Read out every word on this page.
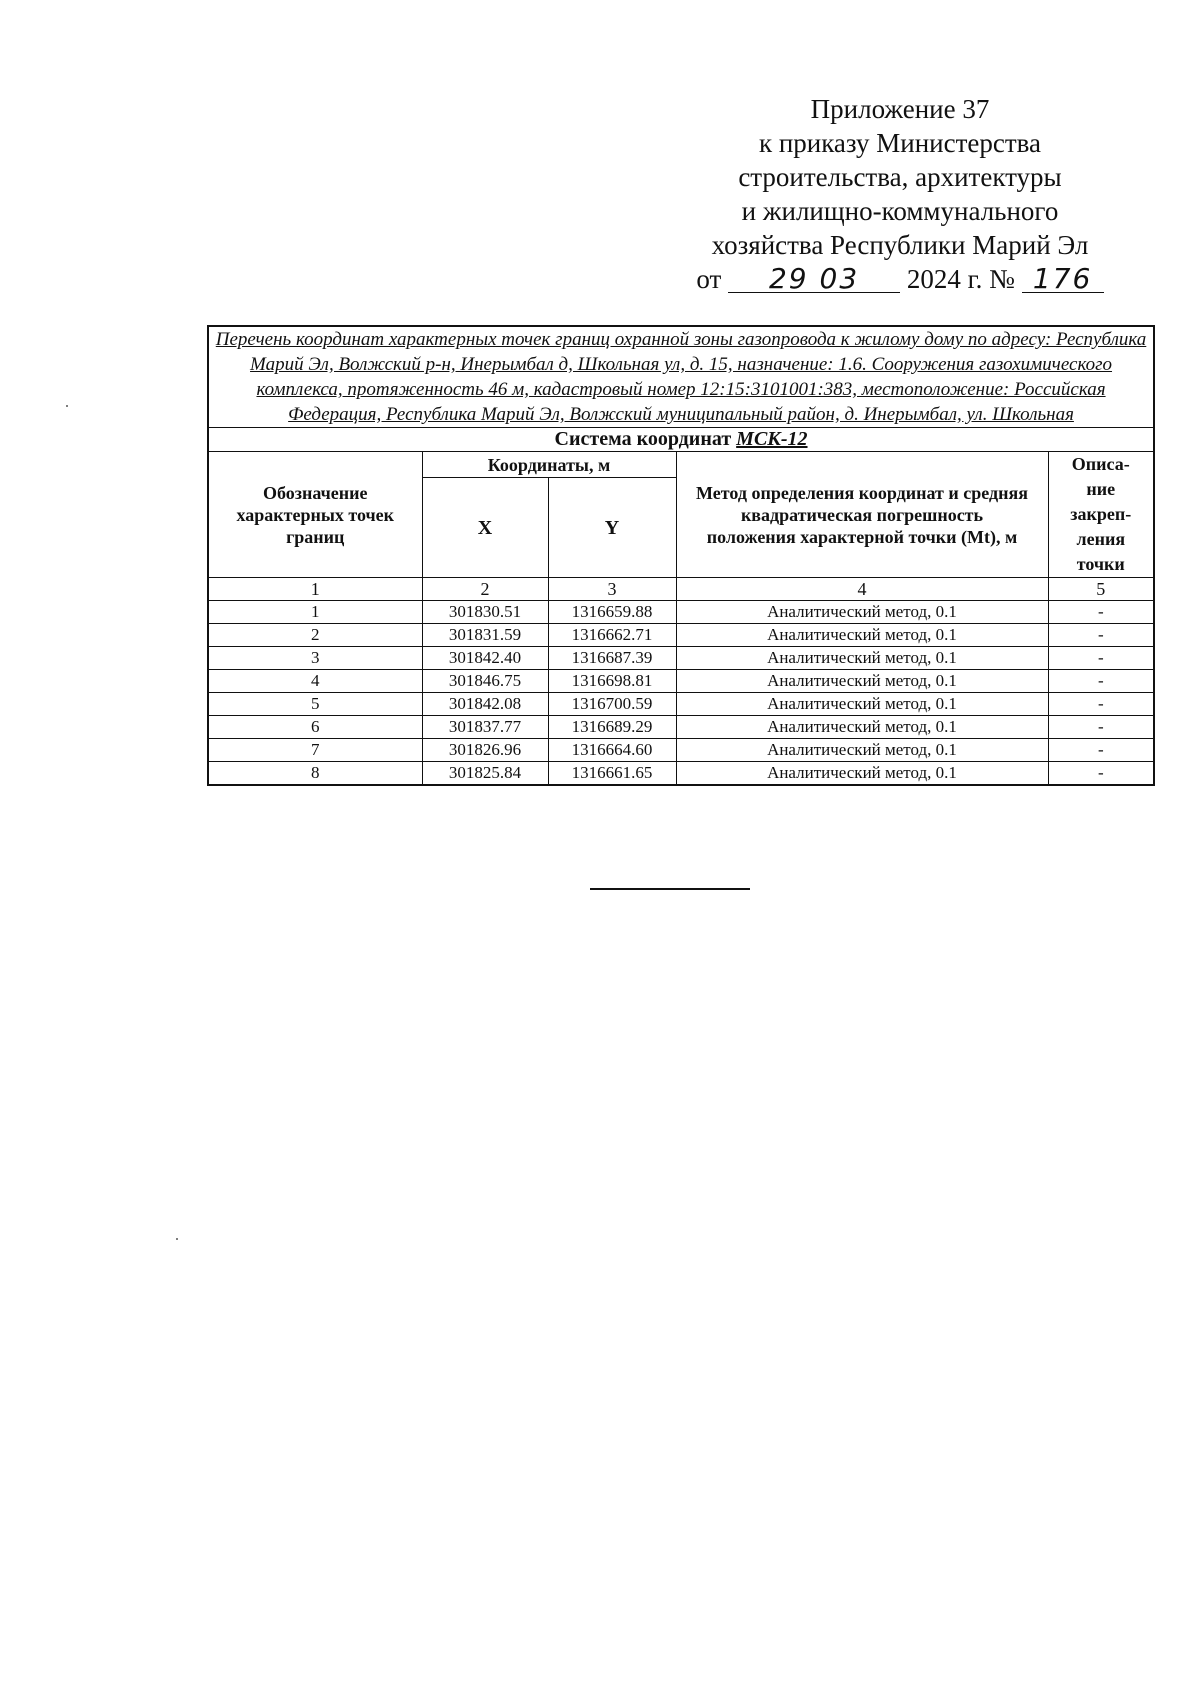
Приложение 37
к приказу Министерства
строительства, архитектуры
и жилищно-коммунального
хозяйства Республики Марий Эл
от 29 03 2024 г. № 176
Перечень координат характерных точек границ охранной зоны газопровода к жилому дому по адресу: Республика Марий Эл, Волжский р-н, Инерымбал д, Школьная ул, д. 15, назначение: 1.6. Сооружения газохимического комплекса, протяженность 46 м, кадастровый номер 12:15:3101001:383, местоположение: Российская Федерация, Республика Марий Эл, Волжский муниципальный район, д. Инерымбал, ул. Школьная				
Система координат МСК-12				
Обозначение характерных точек границ	Координаты, м		Метод определения координат и средняя квадратическая погрешность положения характерной точки (Mt), м	Описа-ние закреп-ления точки
	X	Y		
1	2	3	4	5
1	301830.51	1316659.88	Аналитический метод, 0.1	-
2	301831.59	1316662.71	Аналитический метод, 0.1	-
3	301842.40	1316687.39	Аналитический метод, 0.1	-
4	301846.75	1316698.81	Аналитический метод, 0.1	-
5	301842.08	1316700.59	Аналитический метод, 0.1	-
6	301837.77	1316689.29	Аналитический метод, 0.1	-
7	301826.96	1316664.60	Аналитический метод, 0.1	-
8	301825.84	1316661.65	Аналитический метод, 0.1	-
